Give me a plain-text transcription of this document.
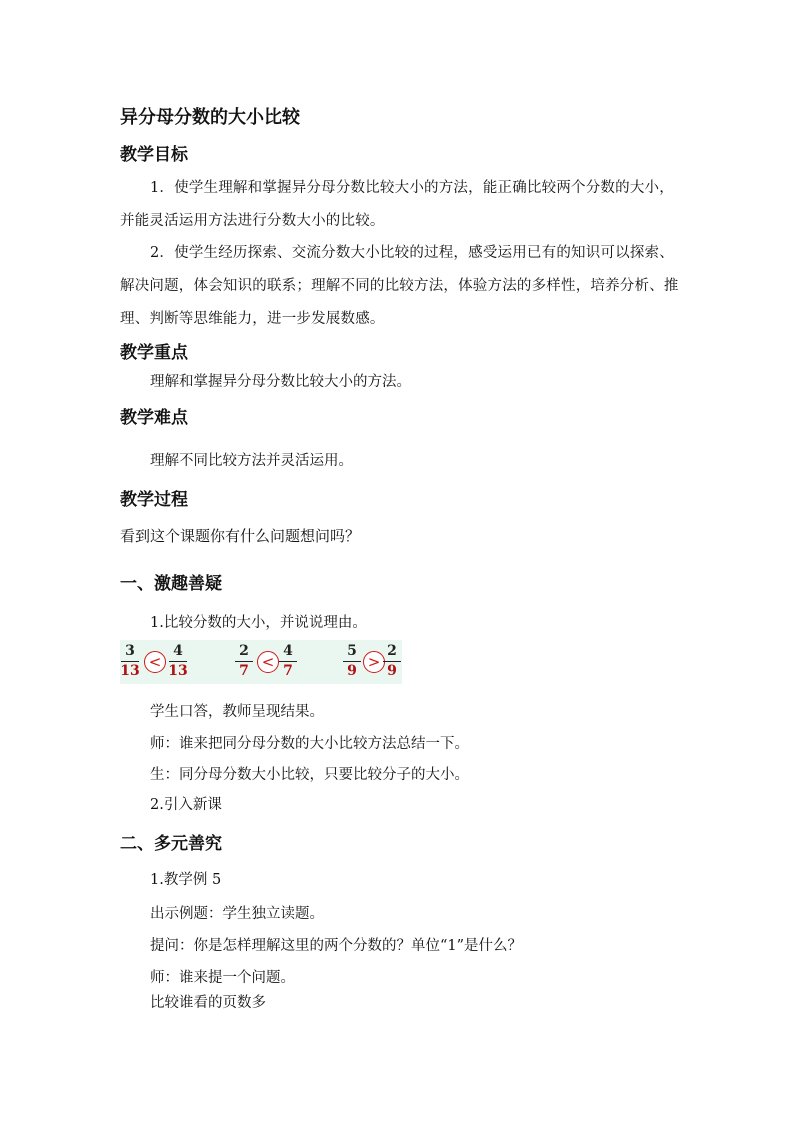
异分母分数的大小比较
教学目标
1．使学生理解和掌握异分母分数比较大小的方法，能正确比较两个分数的大小，并能灵活运用方法进行分数大小的比较。
2．使学生经历探索、交流分数大小比较的过程，感受运用已有的知识可以探索、解决问题，体会知识的联系；理解不同的比较方法，体验方法的多样性，培养分析、推理、判断等思维能力，进一步发展数感。
教学重点
理解和掌握异分母分数比较大小的方法。
教学难点
理解不同比较方法并灵活运用。
教学过程
看到这个课题你有什么问题想问吗？
一、激趣善疑
1.比较分数的大小，并说说理由。
3
13 <
4
13
2
7 <
4
7
5
9 >
2
9
学生口答，教师呈现结果。
师：谁来把同分母分数的大小比较方法总结一下。
生：同分母分数大小比较，只要比较分子的大小。
2.引入新课
二、多元善究
1.教学例 5
出示例题：学生独立读题。
提问：你是怎样理解这里的两个分数的？单位“1”是什么？
师：谁来提一个问题。
比较谁看的页数多
